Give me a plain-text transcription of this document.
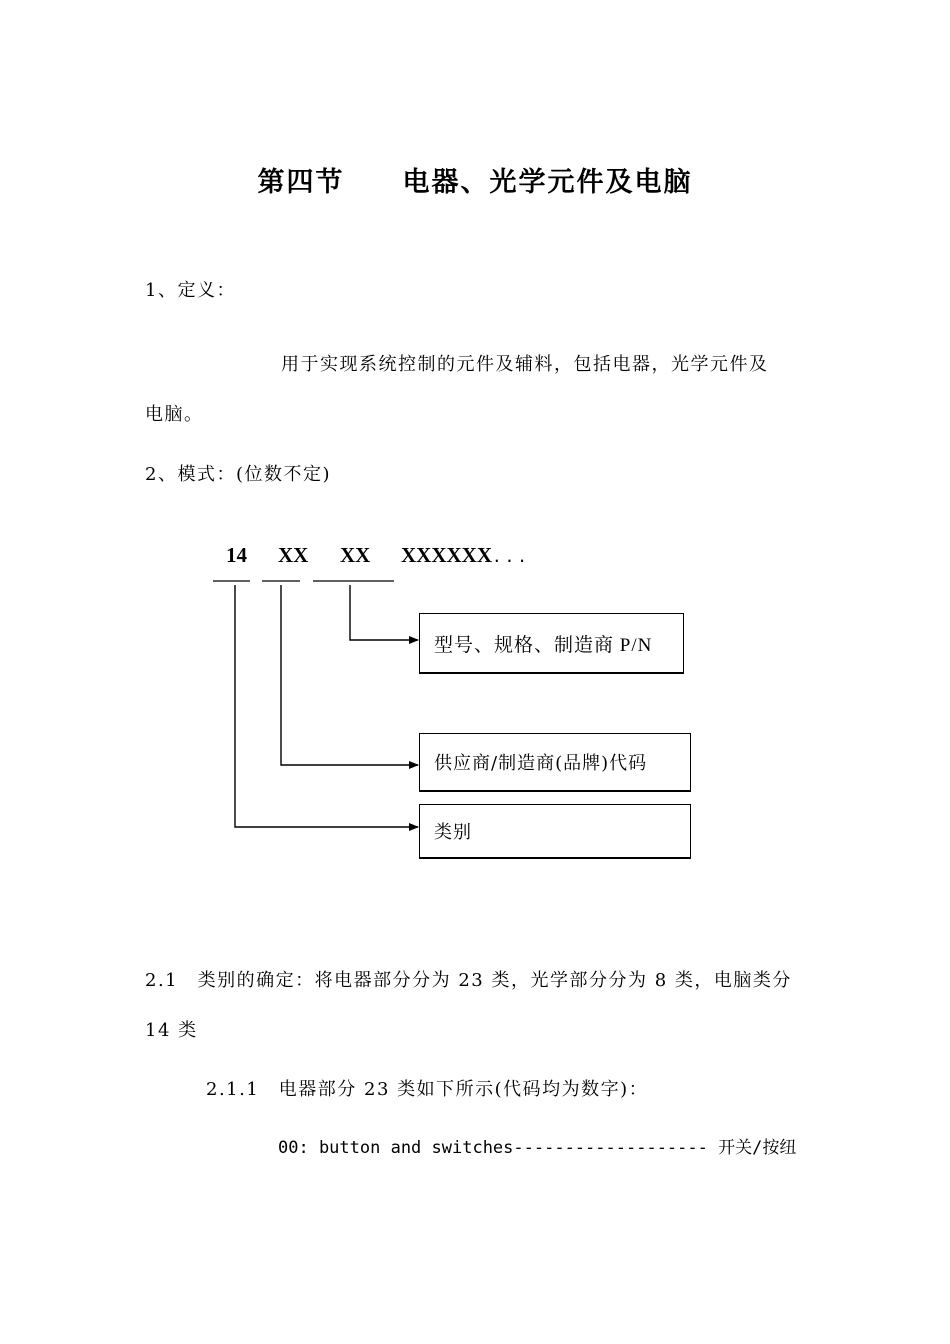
第四节　　电器、光学元件及电脑
1、定义：
用于实现系统控制的元件及辅料，包括电器，光学元件及
电脑。
2、模式：(位数不定)
14 XX XX XXXXXX...
型号、规格、制造商 P/N
供应商/制造商(品牌)代码
类别
2.1　类别的确定：将电器部分分为 23 类，光学部分分为 8 类，电脑类分
14 类
2.1.1　电器部分 23 类如下所示(代码均为数字)：
00: button and switches------------------- 开关/按纽
